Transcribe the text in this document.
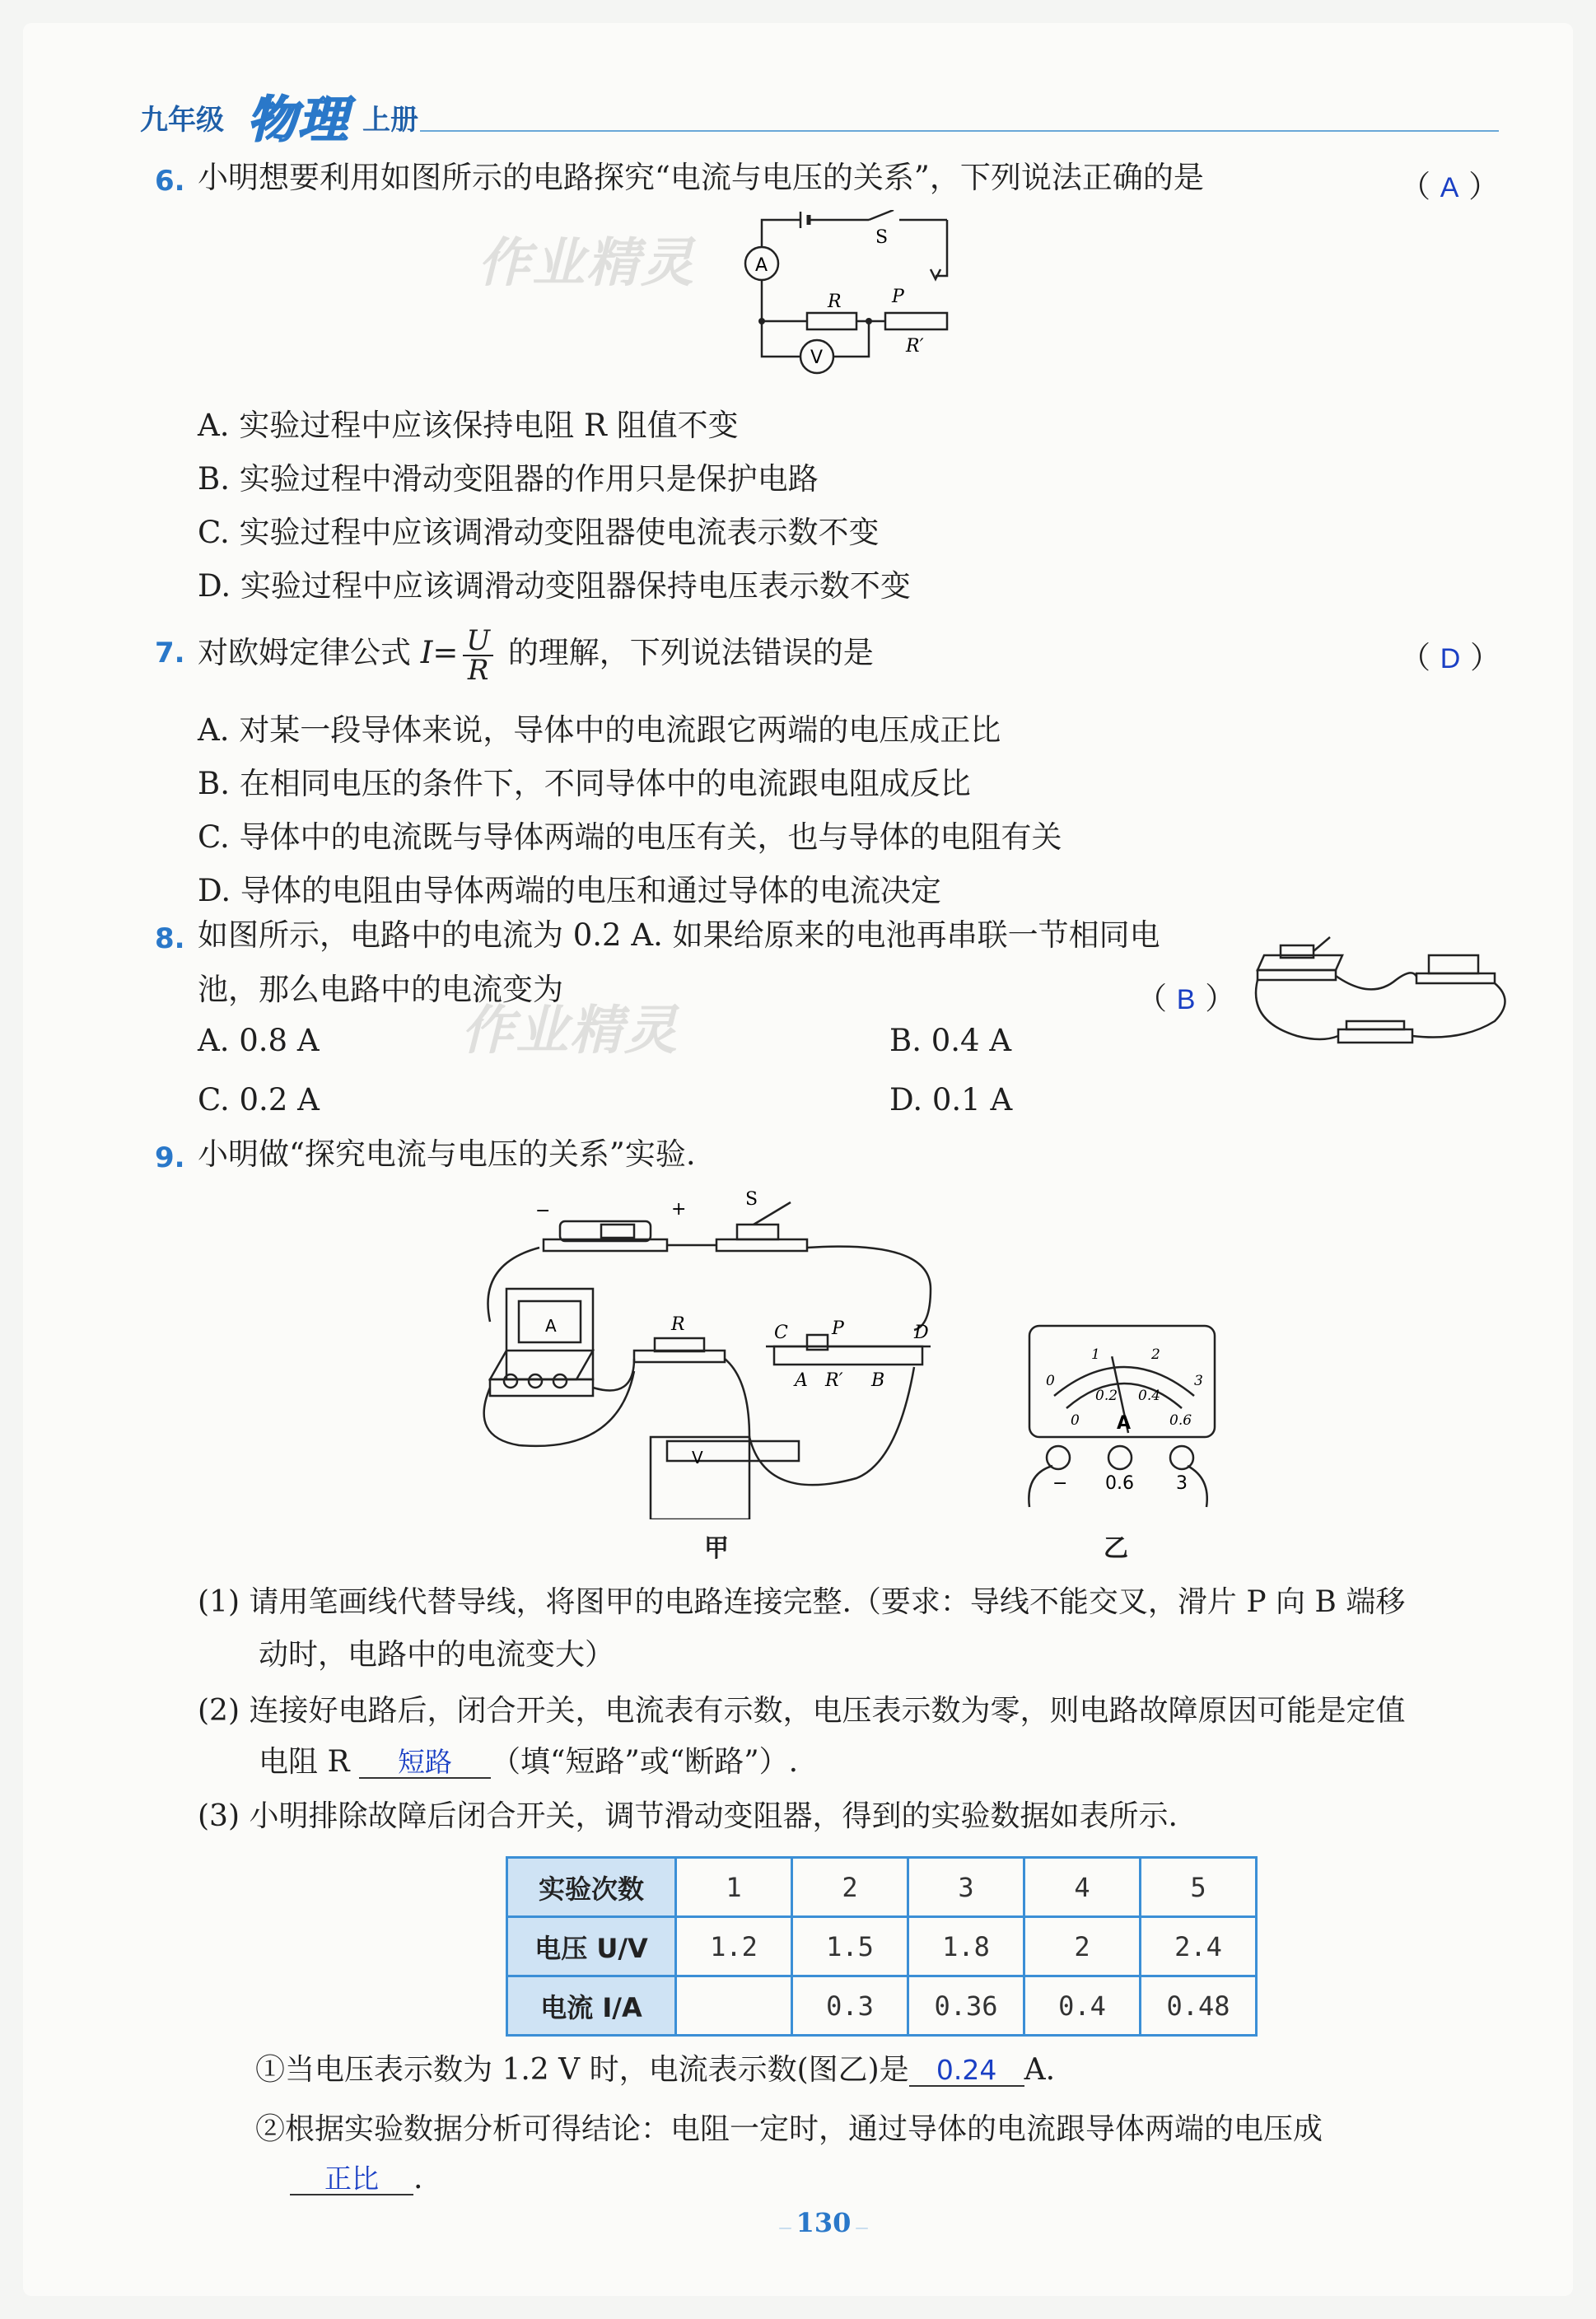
九年级 物理 上册
作业精灵
作业精灵
6. 小明想要利用如图所示的电路探究“电流与电压的关系”，下列说法正确的是	（ A ）
A
S
R	P
R′
V
A. 实验过程中应该保持电阻 R 阻值不变
B. 实验过程中滑动变阻器的作用只是保护电路
C. 实验过程中应该调滑动变阻器使电流表示数不变
D. 实验过程中应该调滑动变阻器保持电压表示数不变
7. 对欧姆定律公式 $I= \frac{U}{R}$ 的理解，下列说法错误的是	（ D ）
A. 对某一段导体来说，导体中的电流跟它两端的电压成正比
B. 在相同电压的条件下，不同导体中的电流跟电阻成反比
C. 导体中的电流既与导体两端的电压有关，也与导体的电阻有关
D. 导体的电阻由导体两端的电压和通过导体的电流决定
8. 如图所示，电路中的电流为 0.2 A. 如果给原来的电池再串联一节相同电
池，那么电路中的电流变为	（ B ）
A. 0.8 A	B. 0.4 A
C. 0.2 A	D. 0.1 A
9. 小明做“探究电流与电压的关系”实验.
−	+	S
R	C P	D
A R′ B
A
V
0
1	2
3
0
0.2 0.4
0.6
A
− 0.6 3
甲	乙
(1) 请用笔画线代替导线，将图甲的电路连接完整.（要求：导线不能交叉，滑片 P 向 B 端移
动时，电路中的电流变大）
(2) 连接好电路后，闭合开关，电流表有示数，电压表示数为零，则电路故障原因可能是定值
电阻 R 短路 （填“短路”或“断路”）.
(3) 小明排除故障后闭合开关，调节滑动变阻器，得到的实验数据如表所示.
实验次数	1	2	3	4	5
电压 U/V	1.2	1.5	1.8	2	2.4
电流 I/A		0.3	0.36	0.4	0.48
①当电压表示数为 1.2 V 时，电流表示数(图乙)是 0.24 A.
②根据实验数据分析可得结论：电阻一定时，通过导体的电流跟导体两端的电压成
正比 .
— 130 —
